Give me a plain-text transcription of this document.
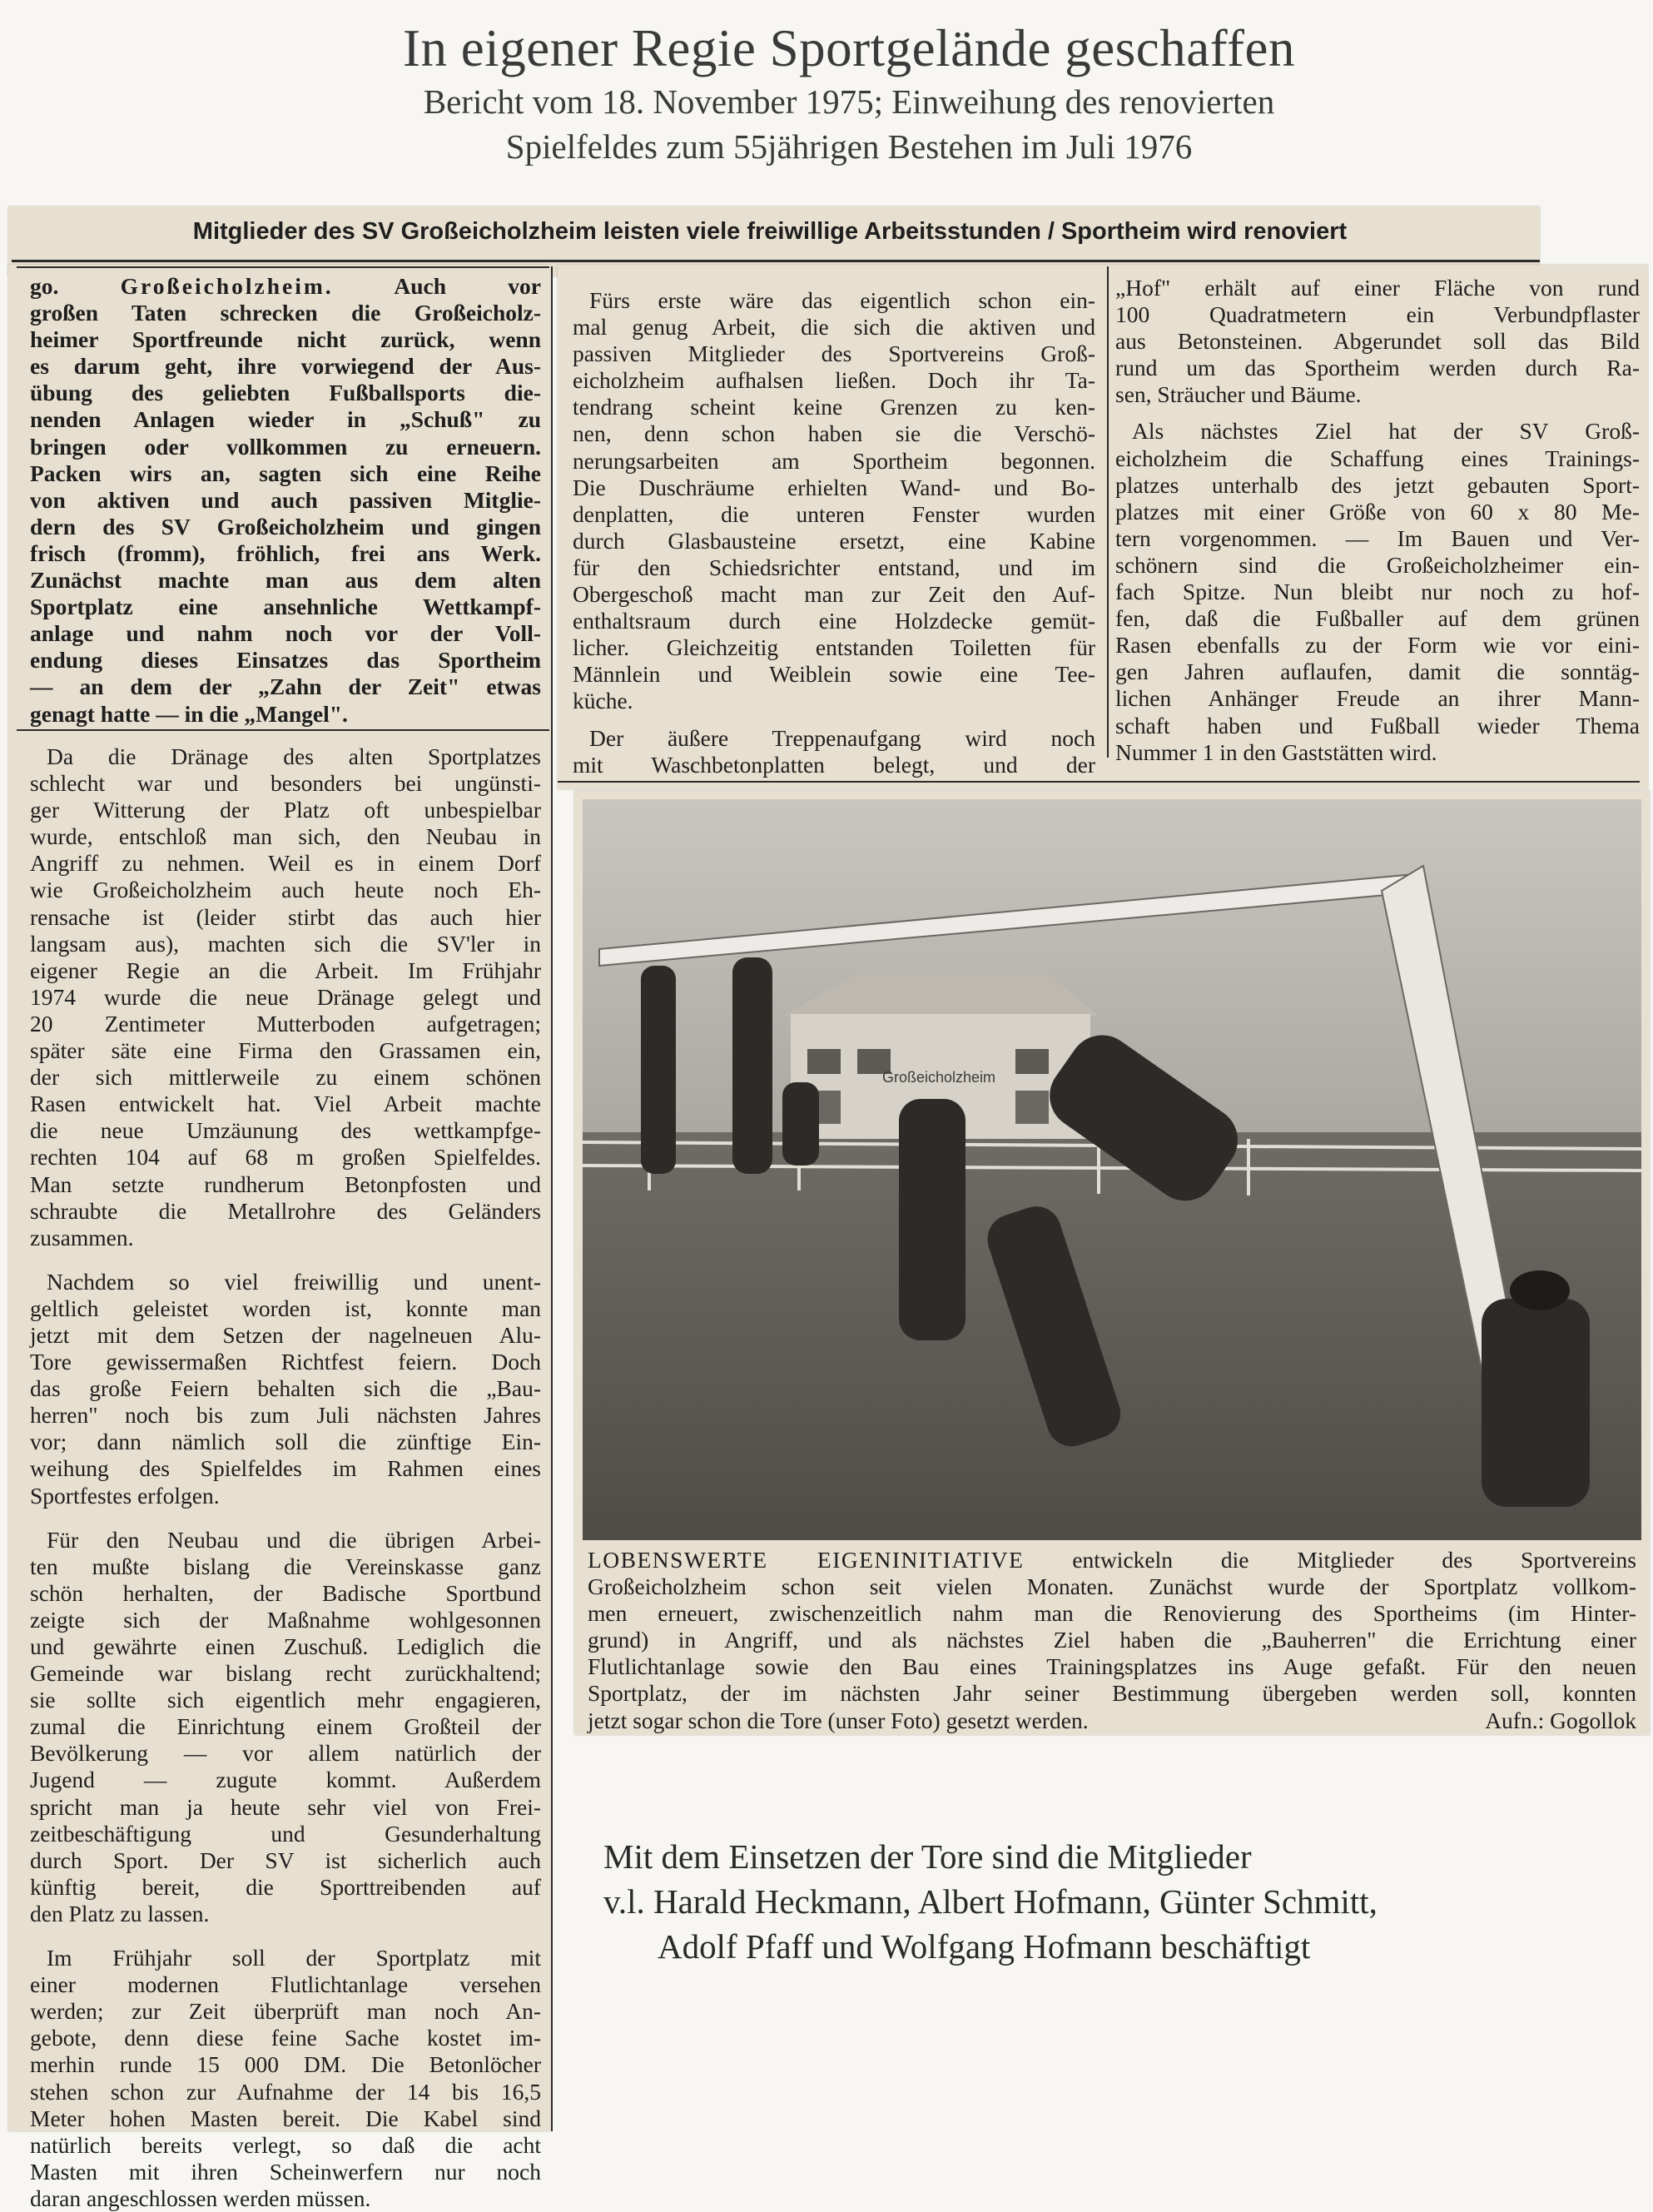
In eigener Regie Sportgelände geschaffen
Bericht vom 18. November 1975; Einweihung des renovierten
Spielfeldes zum 55jährigen Bestehen im Juli 1976
Mitglieder des SV Großeicholzheim leisten viele freiwillige Arbeitsstunden / Sportheim wird renoviert

go. Großeicholzheim. Auch vor

großen Taten schrecken die Großeicholz-

heimer Sportfreunde nicht zurück, wenn

es darum geht, ihre vorwiegend der Aus-

übung des geliebten Fußballsports die-

nenden Anlagen wieder in „Schuß" zu

bringen oder vollkommen zu erneuern.

Packen wirs an, sagten sich eine Reihe

von aktiven und auch passiven Mitglie-

dern des SV Großeicholzheim und gingen

frisch (fromm), fröhlich, frei ans Werk.

Zunächst machte man aus dem alten

Sportplatz eine ansehnliche Wettkampf-

anlage und nahm noch vor der Voll-

endung dieses Einsatzes das Sportheim

— an dem der „Zahn der Zeit" etwas

genagt hatte — in die „Mangel".

Da die Dränage des alten Sportplatzes

schlecht war und besonders bei ungünsti-

ger Witterung der Platz oft unbespielbar

wurde, entschloß man sich, den Neubau in

Angriff zu nehmen. Weil es in einem Dorf

wie Großeicholzheim auch heute noch Eh-

rensache ist (leider stirbt das auch hier

langsam aus), machten sich die SV'ler in

eigener Regie an die Arbeit. Im Frühjahr

1974 wurde die neue Dränage gelegt und

20 Zentimeter Mutterboden aufgetragen;

später säte eine Firma den Grassamen ein,

der sich mittlerweile zu einem schönen

Rasen entwickelt hat. Viel Arbeit machte

die neue Umzäunung des wettkampfge-

rechten 104 auf 68 m großen Spielfeldes.

Man setzte rundherum Betonpfosten und

schraubte die Metallrohre des Geländers

zusammen.

Nachdem so viel freiwillig und unent-

geltlich geleistet worden ist, konnte man

jetzt mit dem Setzen der nagelneuen Alu-

Tore gewissermaßen Richtfest feiern. Doch

das große Feiern behalten sich die „Bau-

herren" noch bis zum Juli nächsten Jahres

vor; dann nämlich soll die zünftige Ein-

weihung des Spielfeldes im Rahmen eines

Sportfestes erfolgen.

Für den Neubau und die übrigen Arbei-

ten mußte bislang die Vereinskasse ganz

schön herhalten, der Badische Sportbund

zeigte sich der Maßnahme wohlgesonnen

und gewährte einen Zuschuß. Lediglich die

Gemeinde war bislang recht zurückhaltend;

sie sollte sich eigentlich mehr engagieren,

zumal die Einrichtung einem Großteil der

Bevölkerung — vor allem natürlich der

Jugend — zugute kommt. Außerdem

spricht man ja heute sehr viel von Frei-

zeitbeschäftigung und Gesunderhaltung

durch Sport. Der SV ist sicherlich auch

künftig bereit, die Sporttreibenden auf

den Platz zu lassen.

Im Frühjahr soll der Sportplatz mit

einer modernen Flutlichtanlage versehen

werden; zur Zeit überprüft man noch An-

gebote, denn diese feine Sache kostet im-

merhin runde 15 000 DM. Die Betonlöcher

stehen schon zur Aufnahme der 14 bis 16,5

Meter hohen Masten bereit. Die Kabel sind

natürlich bereits verlegt, so daß die acht

Masten mit ihren Scheinwerfern nur noch

daran angeschlossen werden müssen.

Fürs erste wäre das eigentlich schon ein-

mal genug Arbeit, die sich die aktiven und

passiven Mitglieder des Sportvereins Groß-

eicholzheim aufhalsen ließen. Doch ihr Ta-

tendrang scheint keine Grenzen zu ken-

nen, denn schon haben sie die Verschö-

nerungsarbeiten am Sportheim begonnen.

Die Duschräume erhielten Wand- und Bo-

denplatten, die unteren Fenster wurden

durch Glasbausteine ersetzt, eine Kabine

für den Schiedsrichter entstand, und im

Obergeschoß macht man zur Zeit den Auf-

enthaltsraum durch eine Holzdecke gemüt-

licher. Gleichzeitig entstanden Toiletten für

Männlein und Weiblein sowie eine Tee-

küche.

Der äußere Treppenaufgang wird noch

mit Waschbetonplatten belegt, und der

„Hof" erhält auf einer Fläche von rund

100 Quadratmetern ein Verbundpflaster

aus Betonsteinen. Abgerundet soll das Bild

rund um das Sportheim werden durch Ra-

sen, Sträucher und Bäume.

Als nächstes Ziel hat der SV Groß-

eicholzheim die Schaffung eines Trainings-

platzes unterhalb des jetzt gebauten Sport-

platzes mit einer Größe von 60 x 80 Me-

tern vorgenommen. — Im Bauen und Ver-

schönern sind die Großeicholzheimer ein-

fach Spitze. Nun bleibt nur noch zu hof-

fen, daß die Fußballer auf dem grünen

Rasen ebenfalls zu der Form wie vor eini-

gen Jahren auflaufen, damit die sonntäg-

lichen Anhänger Freude an ihrer Mann-

schaft haben und Fußball wieder Thema

Nummer 1 in den Gaststätten wird.

Großeicholzheim

LOBENSWERTE EIGENINITIATIVE entwickeln die Mitglieder des Sportvereins

Großeicholzheim schon seit vielen Monaten. Zunächst wurde der Sportplatz vollkom-

men erneuert, zwischenzeitlich nahm man die Renovierung des Sportheims (im Hinter-

grund) in Angriff, und als nächstes Ziel haben die „Bauherren" die Errichtung einer

Flutlichtanlage sowie den Bau eines Trainingsplatzes ins Auge gefaßt. Für den neuen

Sportplatz, der im nächsten Jahr seiner Bestimmung übergeben werden soll, konnten

jetzt sogar schon die Tore (unser Foto) gesetzt werden.	Aufn.: Gogollok

Mit dem Einsetzen der Tore sind die Mitglieder
v.l. Harald Heckmann, Albert Hofmann, Günter Schmitt,
Adolf Pfaff und Wolfgang Hofmann beschäftigt
